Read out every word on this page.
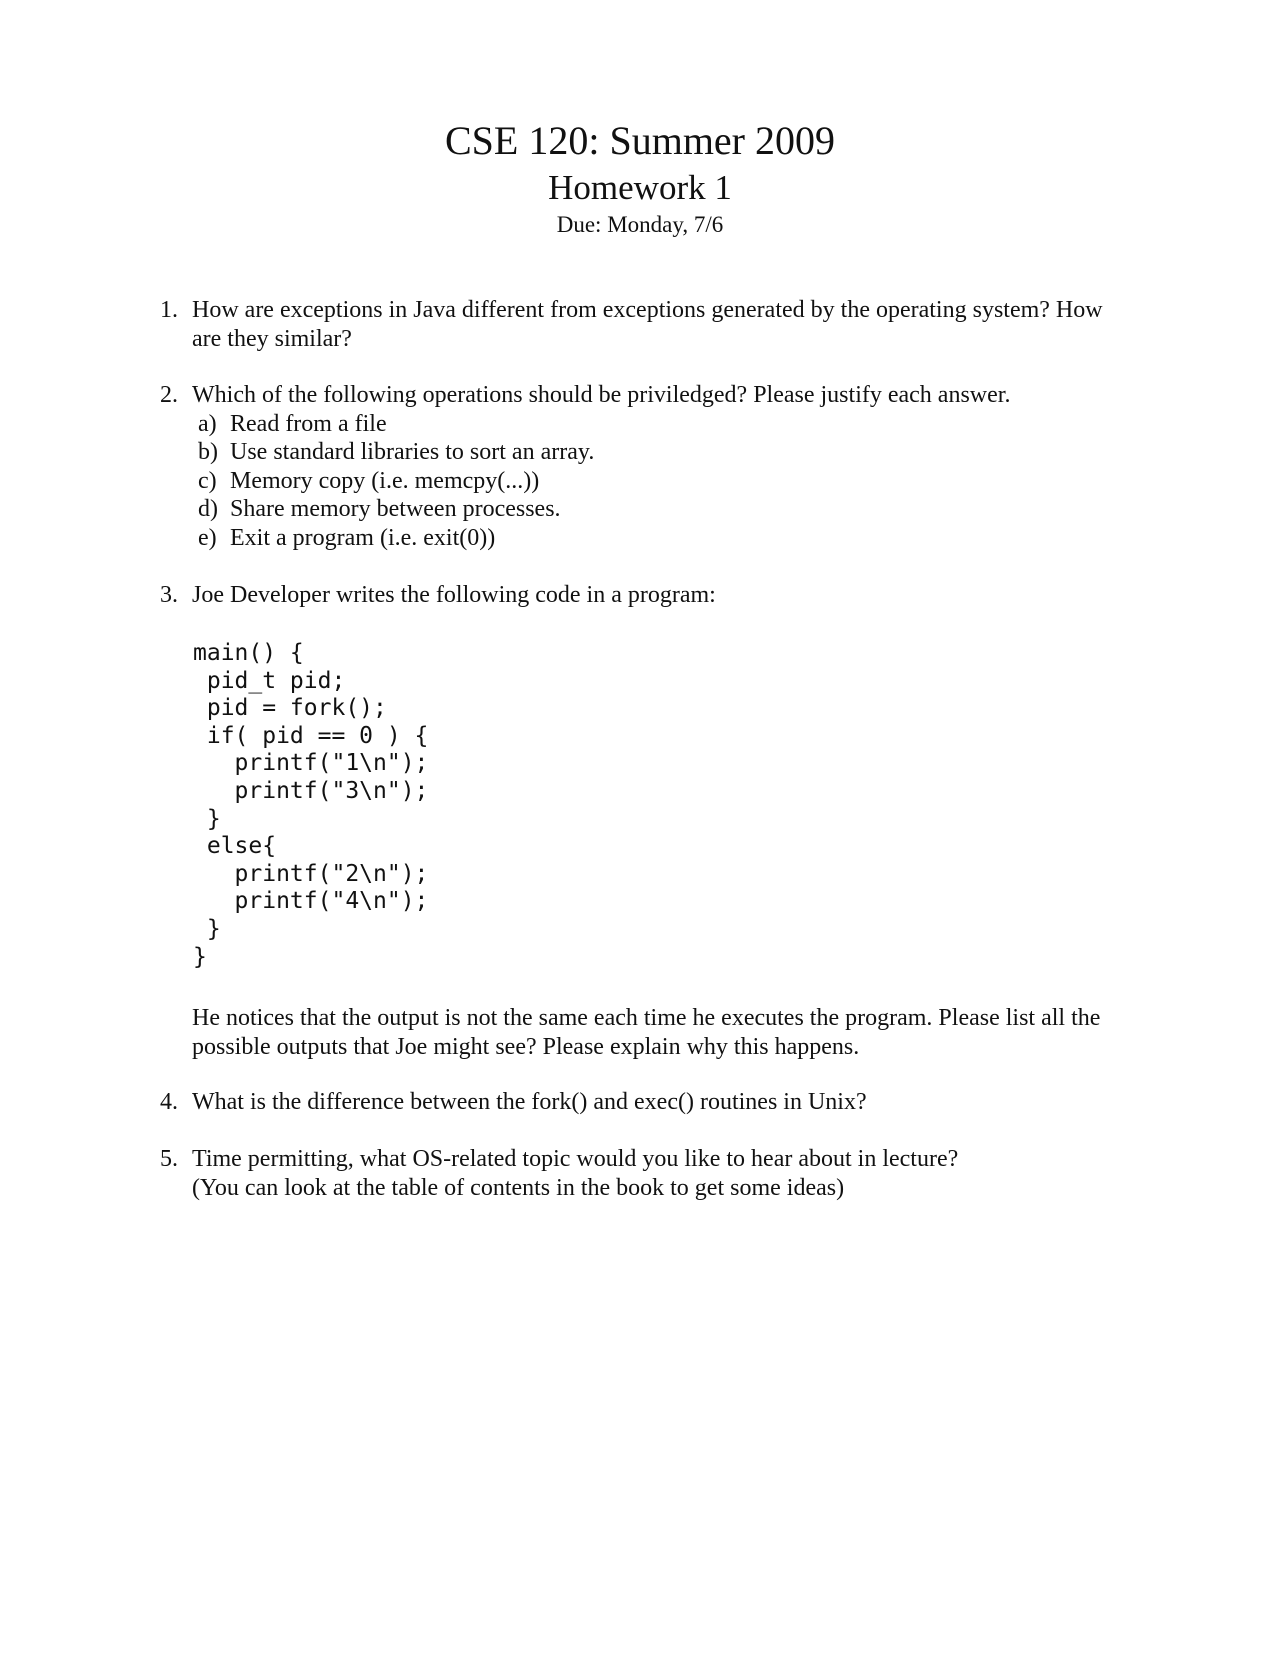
CSE 120: Summer 2009
Homework 1
Due: Monday, 7/6
1. How are exceptions in Java different from exceptions generated by the operating system? How

are they similar?

2. Which of the following operations should be priviledged? Please justify each answer.

a) Read from a file
b) Use standard libraries to sort an array.
c) Memory copy (i.e. memcpy(...))
d) Share memory between processes.
e) Exit a program (i.e. exit(0))
3. Joe Developer writes the following code in a program:

main() {
pid_t pid;
pid = fork();
if( pid == 0 ) {
printf("1\n");
printf("3\n");
}
else{
printf("2\n");
printf("4\n");
}
}

He notices that the output is not the same each time he executes the program. Please list all the

possible outputs that Joe might see? Please explain why this happens.

4. What is the difference between the fork() and exec() routines in Unix?

5. Time permitting, what OS-related topic would you like to hear about in lecture?

(You can look at the table of contents in the book to get some ideas)
